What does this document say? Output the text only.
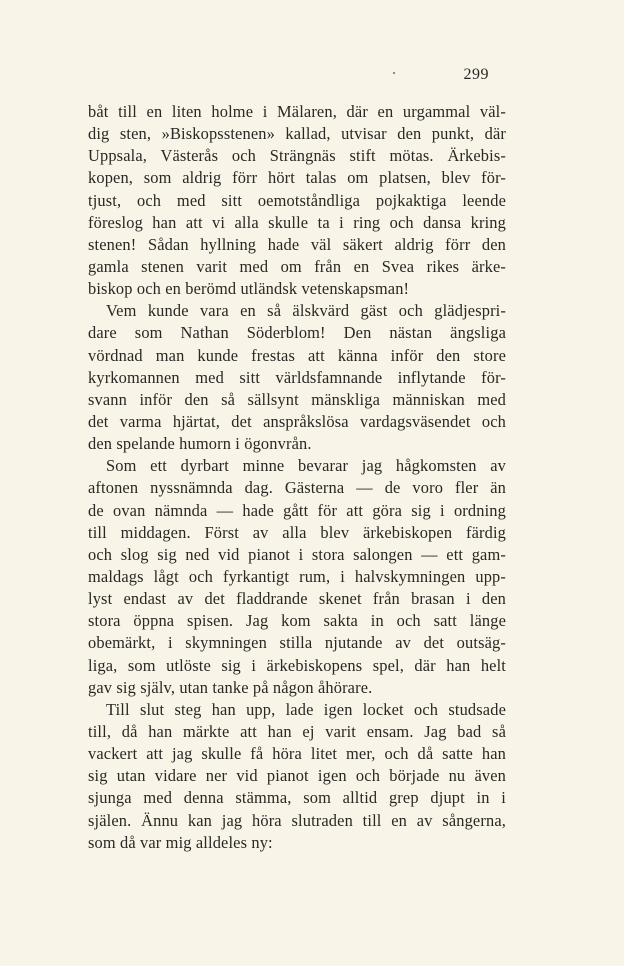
299
båt till en liten holme i Mälaren, där en urgammal väl-
dig sten, »Biskopsstenen» kallad, utvisar den punkt, där
Uppsala, Västerås och Strängnäs stift mötas. Ärkebis-
kopen, som aldrig förr hört talas om platsen, blev för-
tjust, och med sitt oemotståndliga pojkaktiga leende
föreslog han att vi alla skulle ta i ring och dansa kring
stenen! Sådan hyllning hade väl säkert aldrig förr den
gamla stenen varit med om från en Svea rikes ärke-
biskop och en berömd utländsk vetenskapsman!
Vem kunde vara en så älskvärd gäst och glädjespri-
dare som Nathan Söderblom! Den nästan ängsliga
vördnad man kunde frestas att känna inför den store
kyrkomannen med sitt världsfamnande inflytande för-
svann inför den så sällsynt mänskliga människan med
det varma hjärtat, det anspråkslösa vardagsväsendet och
den spelande humorn i ögonvrån.
Som ett dyrbart minne bevarar jag hågkomsten av
aftonen nyssnämnda dag. Gästerna — de voro fler än
de ovan nämnda — hade gått för att göra sig i ordning
till middagen. Först av alla blev ärkebiskopen färdig
och slog sig ned vid pianot i stora salongen — ett gam-
maldags lågt och fyrkantigt rum, i halvskymningen upp-
lyst endast av det fladdrande skenet från brasan i den
stora öppna spisen. Jag kom sakta in och satt länge
obemärkt, i skymningen stilla njutande av det outsäg-
liga, som utlöste sig i ärkebiskopens spel, där han helt
gav sig själv, utan tanke på någon åhörare.
Till slut steg han upp, lade igen locket och studsade
till, då han märkte att han ej varit ensam. Jag bad så
vackert att jag skulle få höra litet mer, och då satte han
sig utan vidare ner vid pianot igen och började nu även
sjunga med denna stämma, som alltid grep djupt in i
själen. Ännu kan jag höra slutraden till en av sångerna,
som då var mig alldeles ny:
